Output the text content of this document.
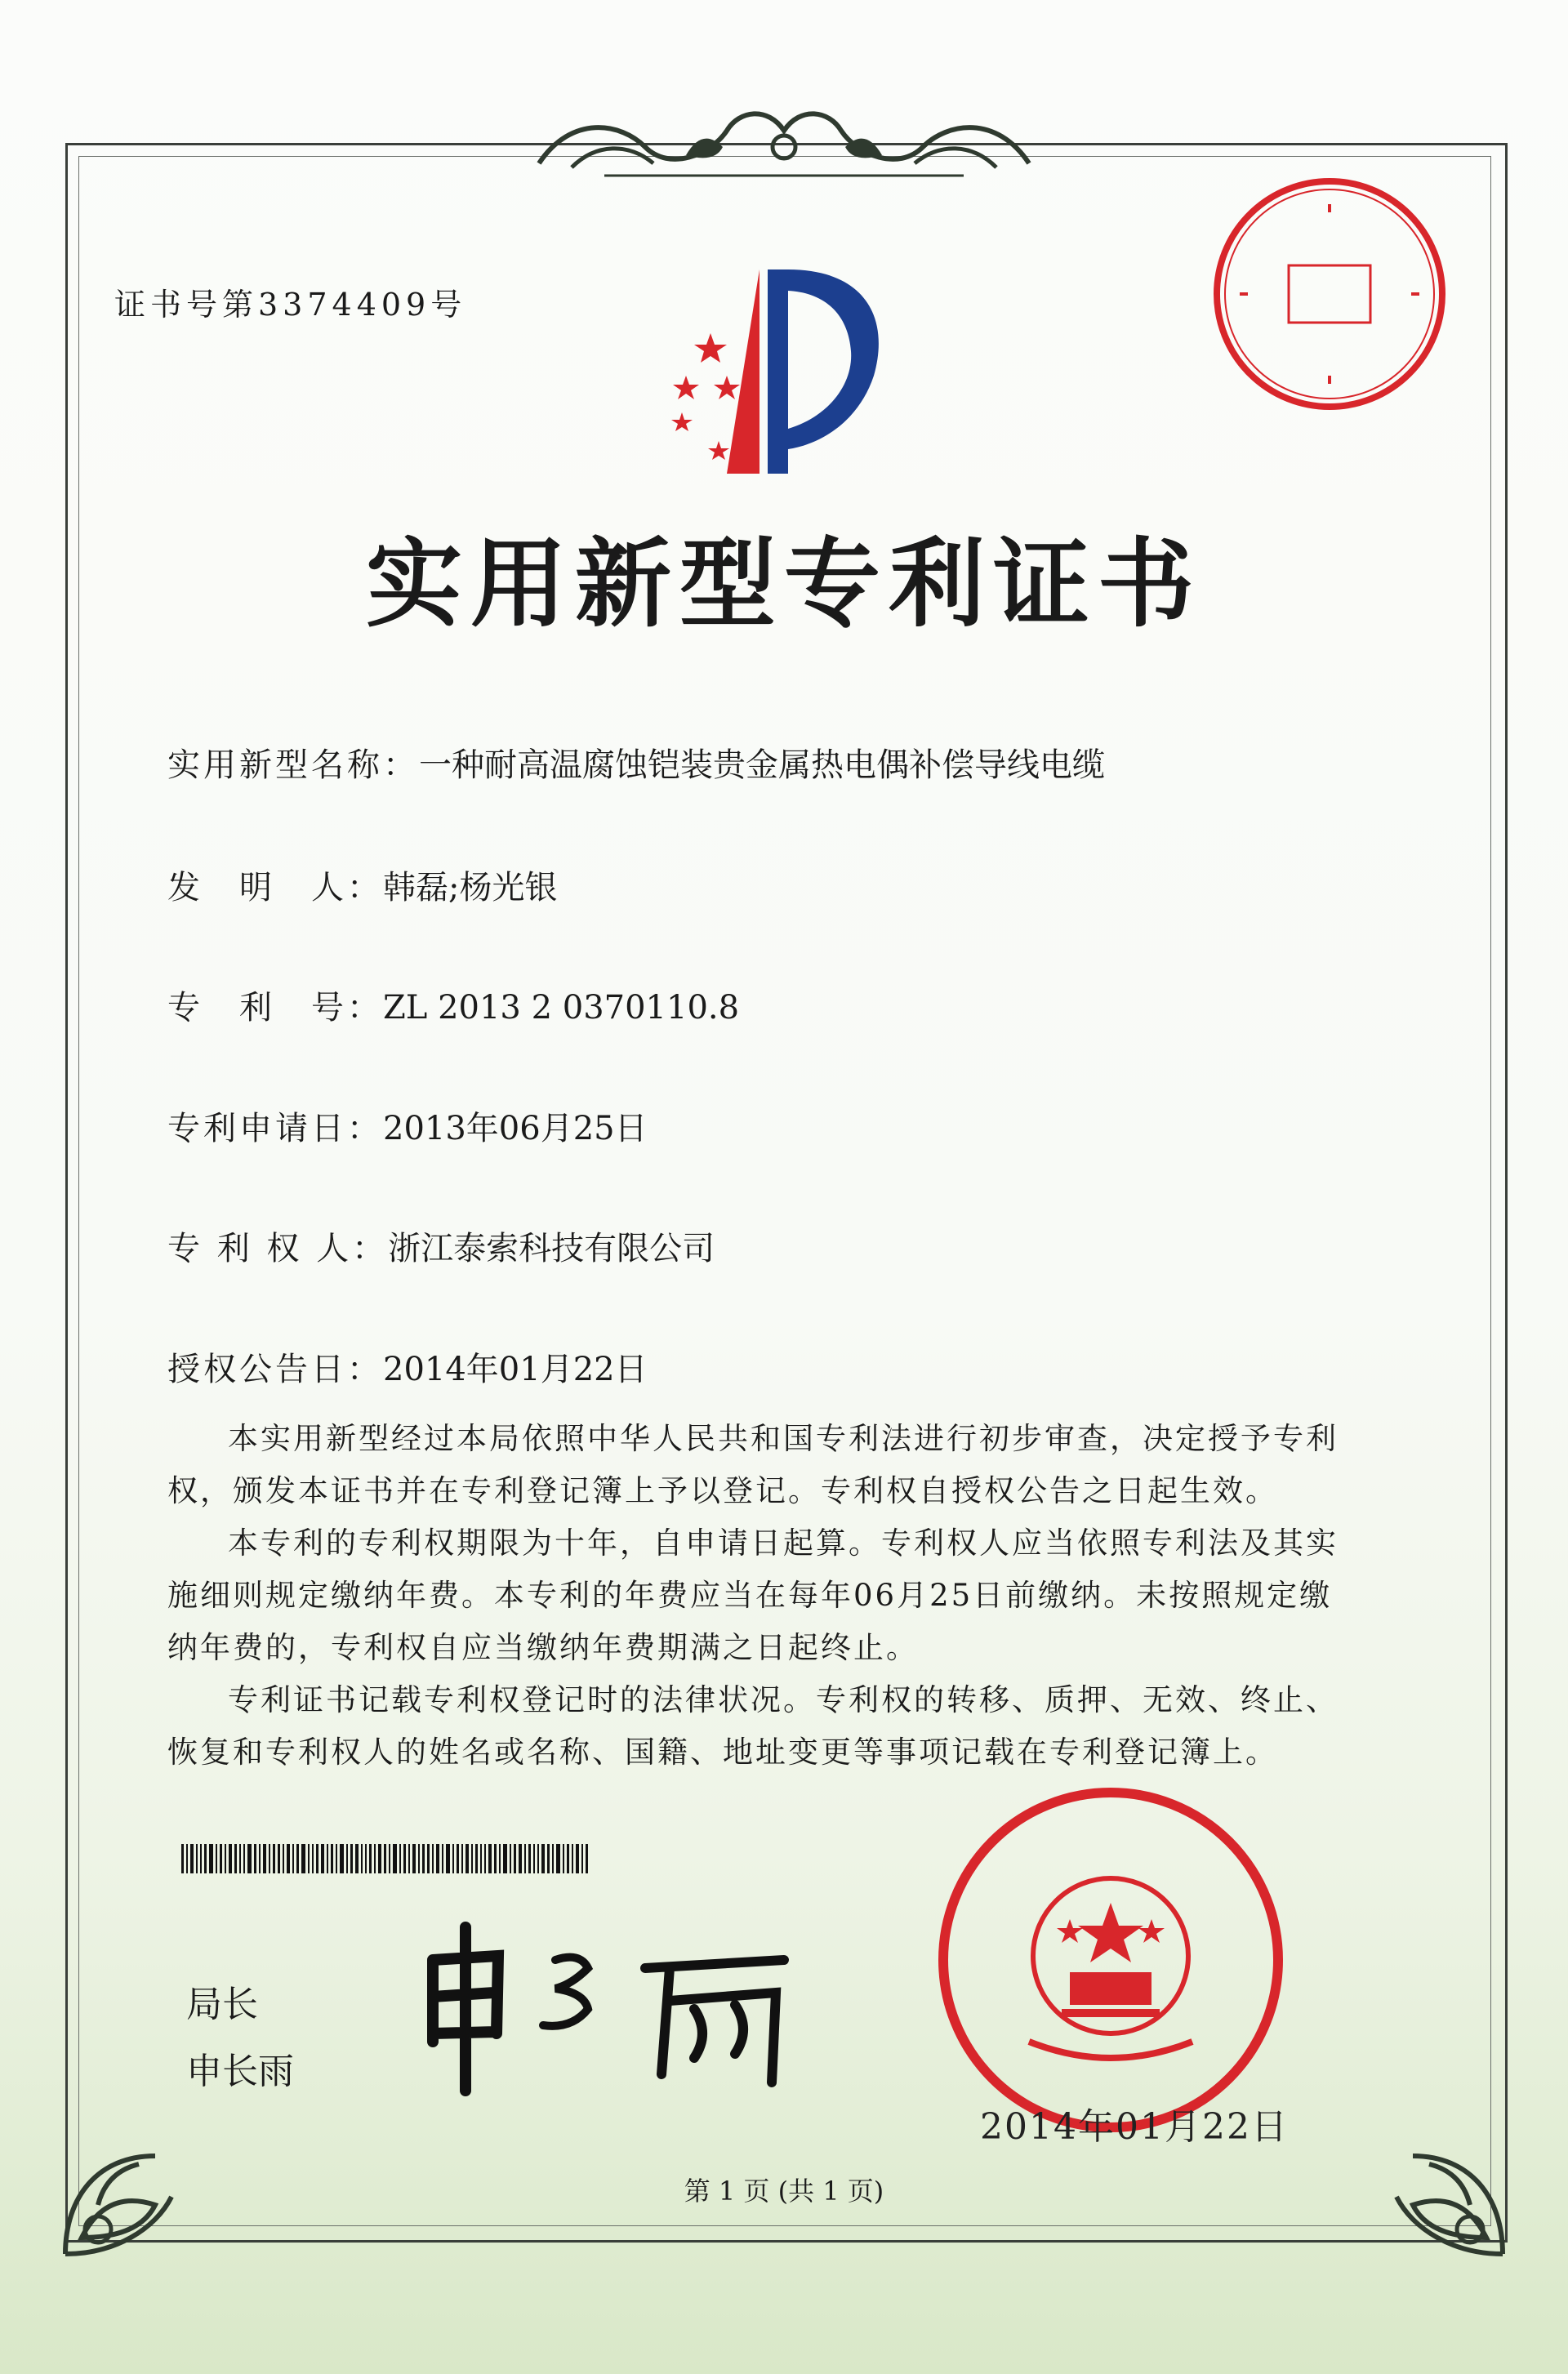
证书号第3374409号
实用新型专利证书
实用新型名称：一种耐高温腐蚀铠装贵金属热电偶补偿导线电缆
发　明　人：韩磊;杨光银
专　利　号：ZL 2013 2 0370110.8
专利申请日：2013年06月25日
专 利 权 人：浙江泰索科技有限公司
授权公告日：2014年01月22日

本实用新型经过本局依照中华人民共和国专利法进行初步审查，决定授予专利权，颁发本证书并在专利登记簿上予以登记。专利权自授权公告之日起生效。

本专利的专利权期限为十年，自申请日起算。专利权人应当依照专利法及其实施细则规定缴纳年费。本专利的年费应当在每年06月25日前缴纳。未按照规定缴纳年费的，专利权自应当缴纳年费期满之日起终止。

专利证书记载专利权登记时的法律状况。专利权的转移、质押、无效、终止、恢复和专利权人的姓名或名称、国籍、地址变更等事项记载在专利登记簿上。

局长
申长雨
2014年01月22日
第 1 页 (共 1 页)
